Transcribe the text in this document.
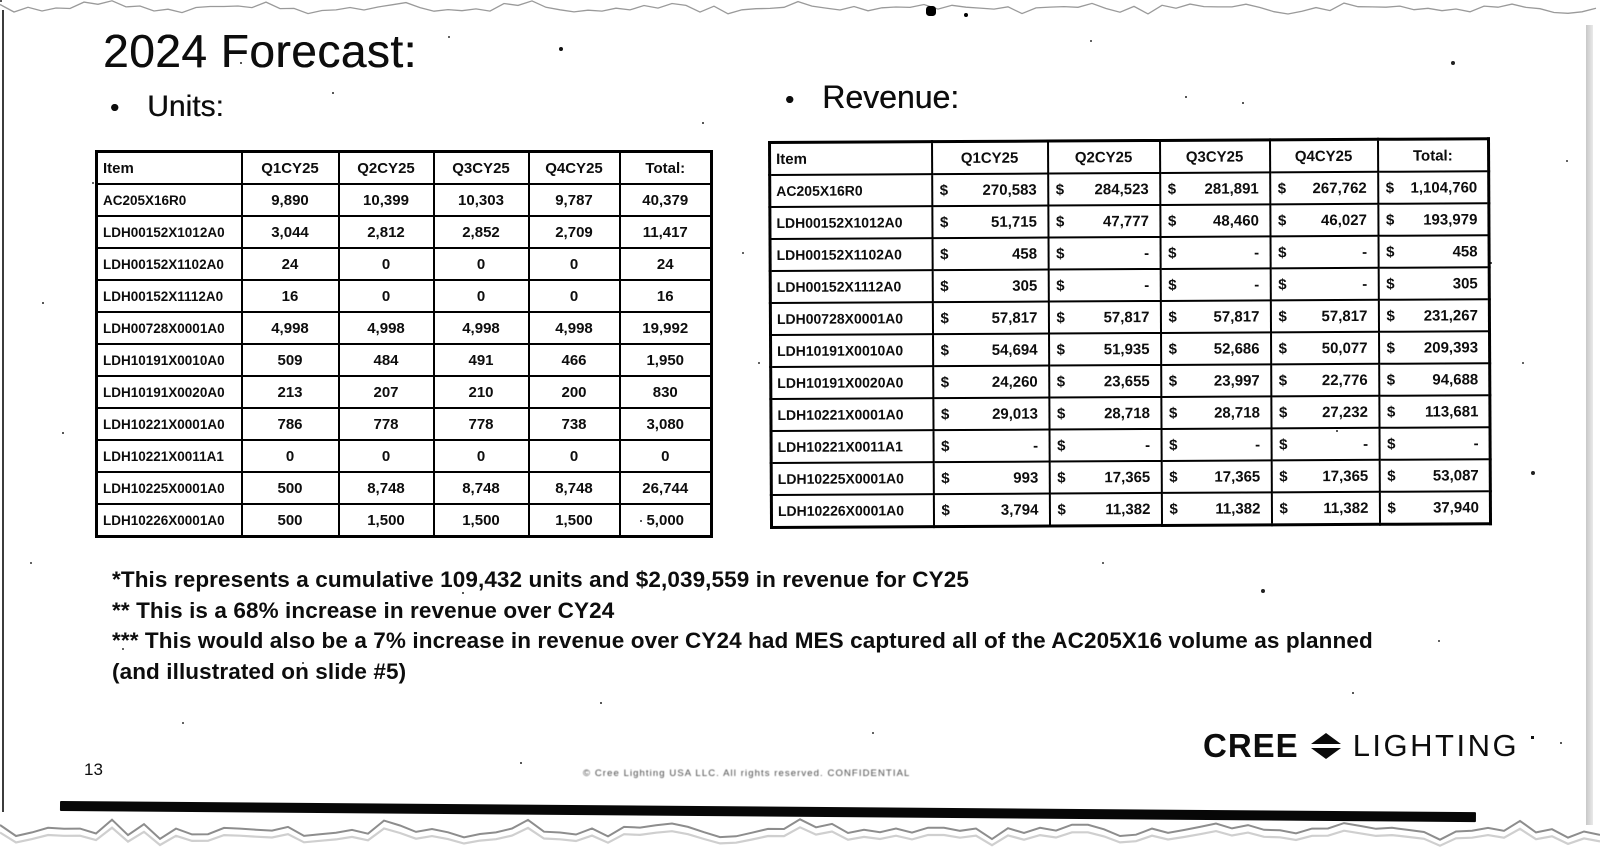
2024 Forecast:
• Units:	• Revenue:
Item	Q1CY25	Q2CY25	Q3CY25	Q4CY25	Total:
AC205X16R0	9,890	10,399	10,303	9,787	40,379
LDH00152X1012A0	3,044	2,812	2,852	2,709	11,417
LDH00152X1102A0	24	0	0	0	24
LDH00152X1112A0	16	0	0	0	16
LDH00728X0001A0	4,998	4,998	4,998	4,998	19,992
LDH10191X0010A0	509	484	491	466	1,950
LDH10191X0020A0	213	207	210	200	830
LDH10221X0001A0	786	778	778	738	3,080
LDH10221X0011A1	0	0	0	0	0
LDH10225X0001A0	500	8,748	8,748	8,748	26,744
LDH10226X0001A0	500	1,500	1,500	1,500	5,000
Item	Q1CY25	Q2CY25	Q3CY25	Q4CY25	Total:
AC205X16R0	$ 270,583	$ 284,523	$ 281,891	$ 267,762	$ 1,104,760

LDH00152X1012A0	$ 51,715	$ 47,777	$ 48,460	$ 46,027	$ 193,979

LDH00152X1102A0	$ 458	$ -	$ -	$ -	$ 458

LDH00152X1112A0	$ 305	$ -	$ -	$ -	$ 305

LDH00728X0001A0	$ 57,817	$ 57,817	$ 57,817	$ 57,817	$ 231,267

LDH10191X0010A0	$ 54,694	$ 51,935	$ 52,686	$ 50,077	$ 209,393

LDH10191X0020A0	$ 24,260	$ 23,655	$ 23,997	$ 22,776	$ 94,688

LDH10221X0001A0	$ 29,013	$ 28,718	$ 28,718	$ 27,232	$ 113,681

LDH10221X0011A1	$ -	$ -	$ -	$ -	$ -

LDH10225X0001A0	$ 993	$ 17,365	$ 17,365	$ 17,365	$ 53,087

LDH10226X0001A0	$ 3,794	$ 11,382	$ 11,382	$ 11,382	$ 37,940
*This represents a cumulative 109,432 units and $2,039,559 in revenue for CY25
** This is a 68% increase in revenue over CY24
*** This would also be a 7% increase in revenue over CY24 had MES captured all of the AC205X16 volume as planned
(and illustrated on slide #5)
13	© Cree Lighting USA LLC. All rights reserved. CONFIDENTIAL
CREE LIGHTING
